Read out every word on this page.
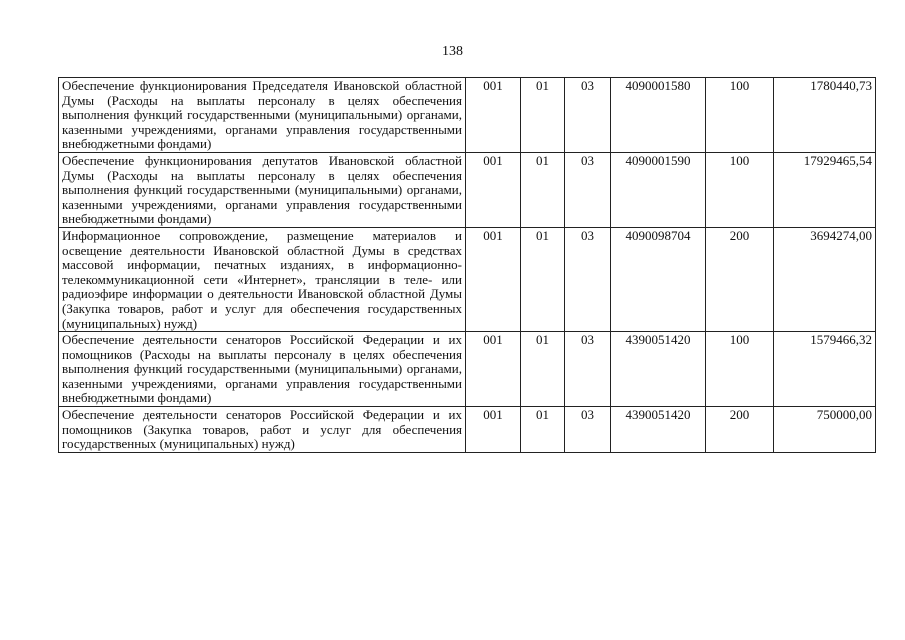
138
Обеспечение функционирования Председателя Ивановской областной Думы (Расходы на выплаты персоналу в целях обеспечения выполнения функций государственными (муниципальными) органами, казенными учреждениями, органами управления государственными внебюджетными фондами)	001	01	03	4090001580	100	1780440,73
Обеспечение функционирования депутатов Ивановской областной Думы (Расходы на выплаты персоналу в целях обеспечения выполнения функций государственными (муниципальными) органами, казенными учреждениями, органами управления государственными внебюджетными фондами)	001	01	03	4090001590	100	17929465,54
Информационное сопровождение, размещение материалов и освещение деятельности Ивановской областной Думы в средствах массовой информации, печатных изданиях, в информационно-телекоммуникационной сети «Интернет», трансляции в теле- или радиоэфире информации о деятельности Ивановской областной Думы (Закупка товаров, работ и услуг для обеспечения государственных (муниципальных) нужд)	001	01	03	4090098704	200	3694274,00
Обеспечение деятельности сенаторов Российской Федерации и их помощников (Расходы на выплаты персоналу в целях обеспечения выполнения функций государственными (муниципальными) органами, казенными учреждениями, органами управления государственными внебюджетными фондами)	001	01	03	4390051420	100	1579466,32
Обеспечение деятельности сенаторов Российской Федерации и их помощников (Закупка товаров, работ и услуг для обеспечения государственных (муниципальных) нужд)	001	01	03	4390051420	200	750000,00
